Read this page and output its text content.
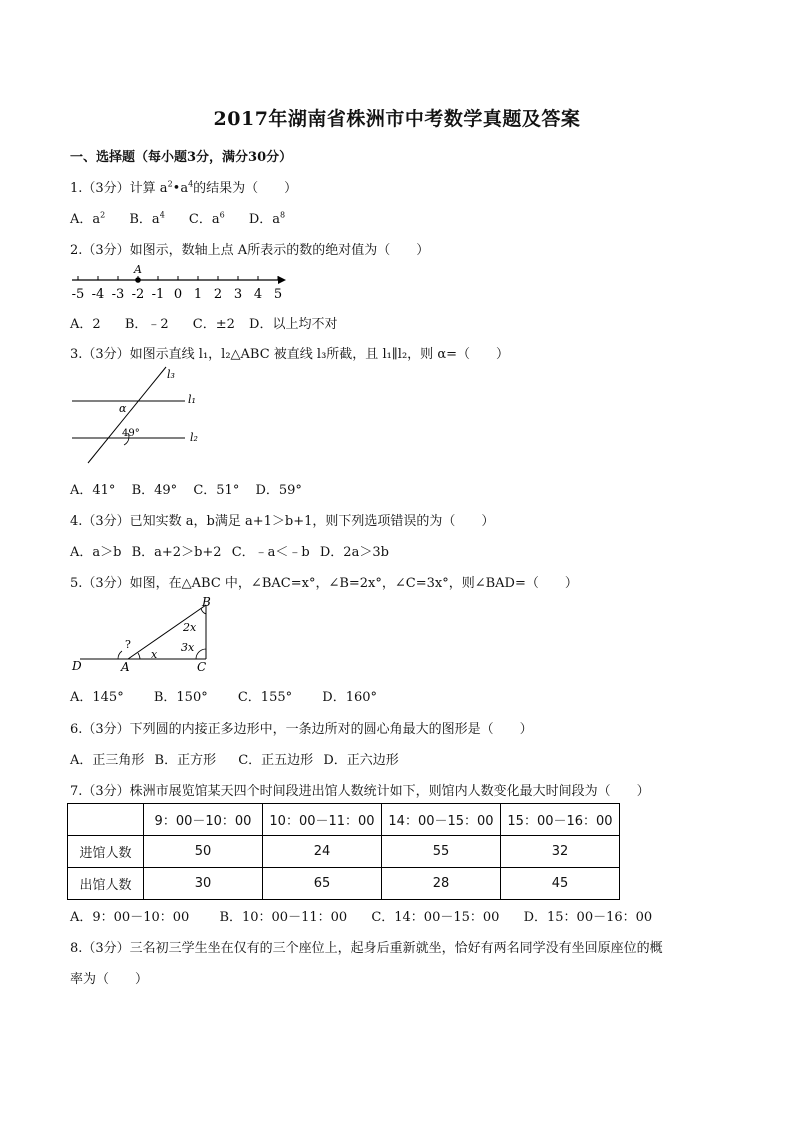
2017年湖南省株洲市中考数学真题及答案
一、选择题（每小题3分，满分30分）
1.（3分）计算 $a^2•a^4$的结果为（　　）
A．$a^2$ B．$a^4$ C．$a^6$ D．$a^8$
2.（3分）如图示，数轴上点 A所表示的数的绝对值为（　　）
-5 -4 -3 -2 -1 0 1 2 3 4 5
A
A．2 B．﹣2 C．±2 D．以上均不对
3.（3分）如图示直线 l₁，l₂△ABC 被直线 l₃所截，且 l₁∥l₂，则 α=（　　）
l₃
l₁
l₂
α
49°
A．41° B．49° C．51° D．59°
4.（3分）已知实数 a，b满足 a+1＞b+1，则下列选项错误的为（　　）
A．a＞b B．a+2＞b+2 C．﹣a＜﹣b D．2a＞3b
5.（3分）如图，在△ABC 中，∠BAC=x°，∠B=2x°，∠C=3x°，则∠BAD=（　　）
B
2x
3x
?
x
D	A	C
A．145° B．150° C．155° D．160°
6.（3分）下列圆的内接正多边形中，一条边所对的圆心角最大的图形是（　　）
A．正三角形 B．正方形 C．正五边形 D．正六边形
7.（3分）株洲市展览馆某天四个时间段进出馆人数统计如下，则馆内人数变化最大时间段为（　　）
	9：00－10：00	10：00－11：00	14：00－15：00	15：00－16：00
进馆人数	50	24	55	32
出馆人数	30	65	28	45
A．9：00－10：00 B．10：00－11：00 C．14：00－15：00 D．15：00－16：00
8.（3分）三名初三学生坐在仅有的三个座位上，起身后重新就坐，恰好有两名同学没有坐回原座位的概
率为（　　）
